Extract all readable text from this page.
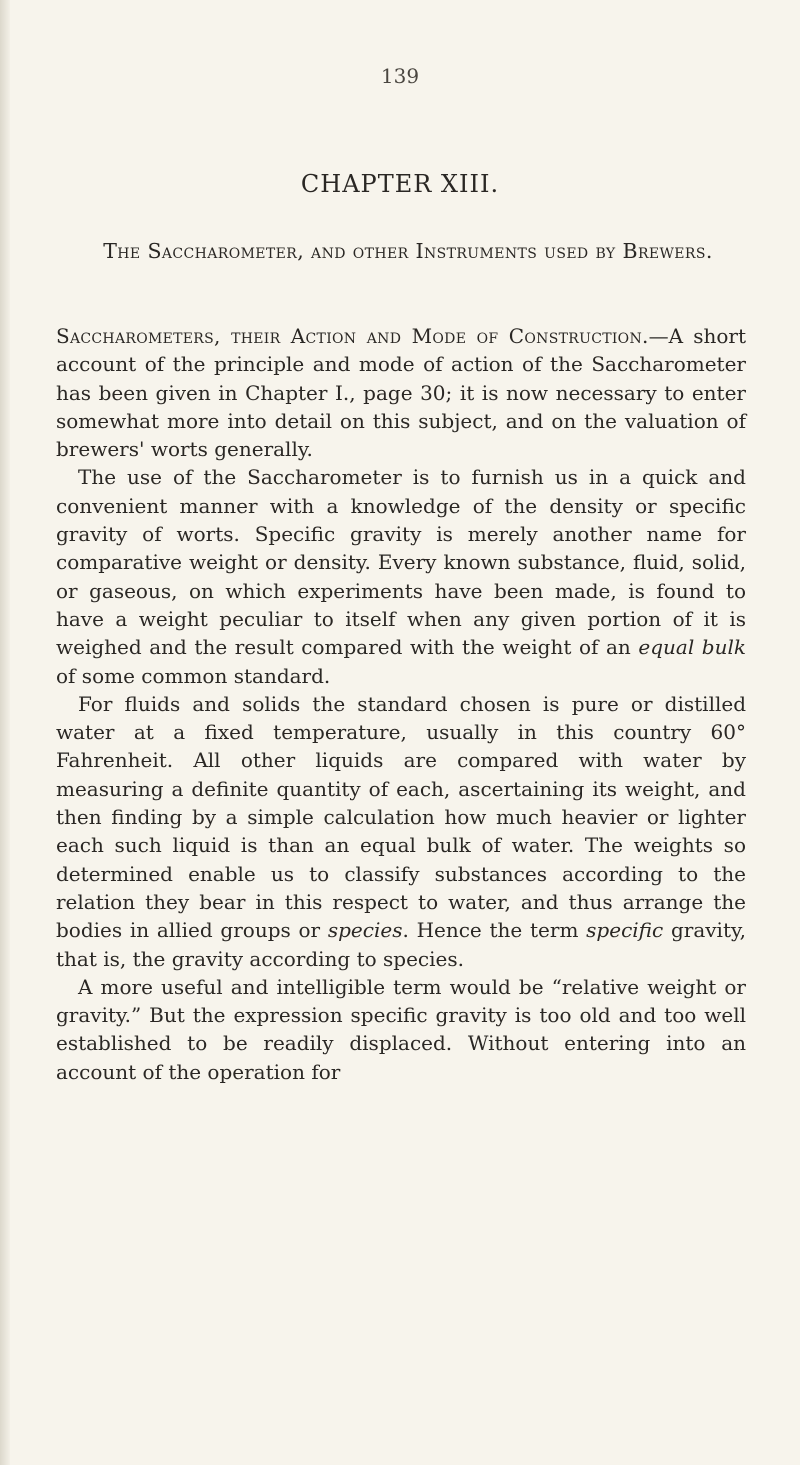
139
CHAPTER XIII.
The Saccharometer, and other Instruments used by Brewers.

Saccharometers, their Action and Mode of Construction.—A short account of the principle and mode of action of the Saccharometer has been given in Chapter I., page 30; it is now necessary to enter somewhat more into detail on this subject, and on the valuation of brewers' worts generally.

The use of the Saccharometer is to furnish us in a quick and convenient manner with a knowledge of the density or specific gravity of worts. Specific gravity is merely another name for comparative weight or density. Every known substance, fluid, solid, or gaseous, on which experiments have been made, is found to have a weight peculiar to itself when any given portion of it is weighed and the result compared with the weight of an equal bulk of some common standard.

For fluids and solids the standard chosen is pure or distilled water at a fixed temperature, usually in this country 60° Fahrenheit. All other liquids are compared with water by measuring a definite quantity of each, ascertaining its weight, and then finding by a simple calculation how much heavier or lighter each such liquid is than an equal bulk of water. The weights so determined enable us to classify substances according to the relation they bear in this respect to water, and thus arrange the bodies in allied groups or species. Hence the term specific gravity, that is, the gravity according to species.

A more useful and intelligible term would be “relative weight or gravity.” But the expression specific gravity is too old and too well established to be readily displaced. Without entering into an account of the operation for
